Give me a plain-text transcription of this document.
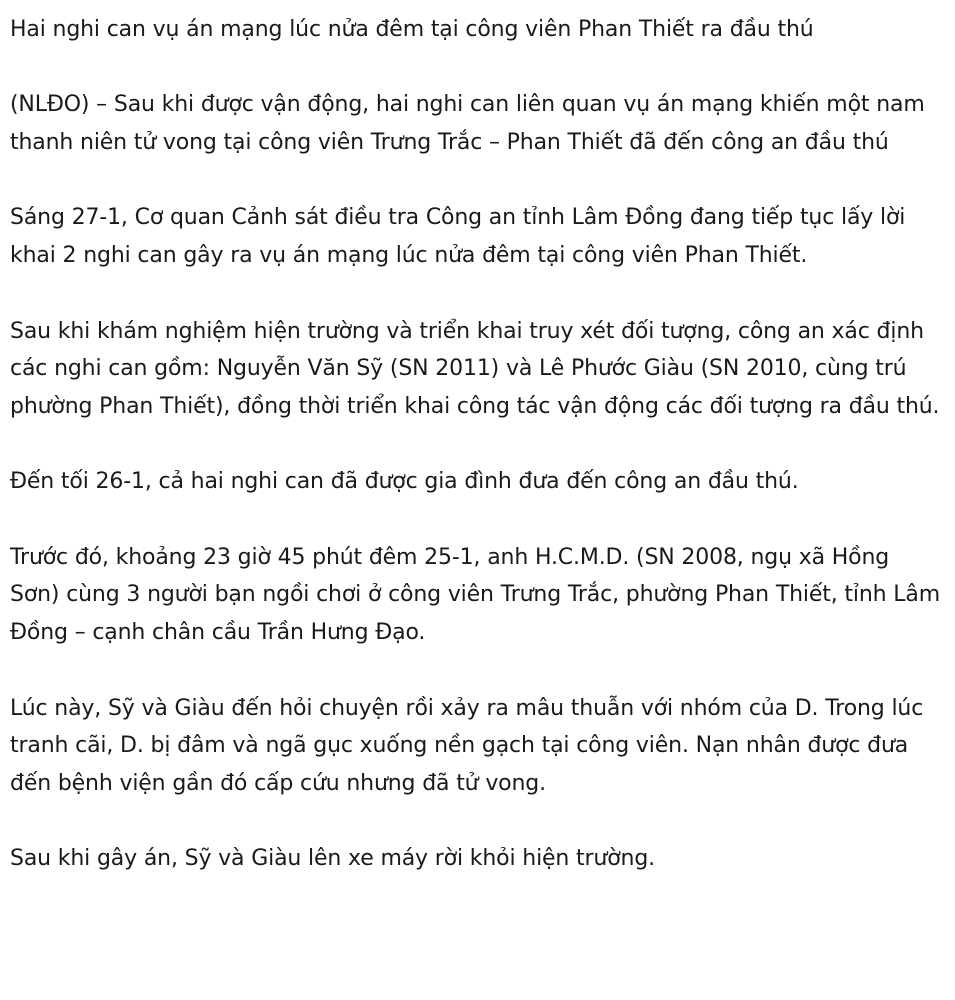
Hai nghi can vụ án mạng lúc nửa đêm tại công viên Phan Thiết ra đầu thú

(NLĐO) – Sau khi được vận động, hai nghi can liên quan vụ án mạng khiến một nam thanh niên tử vong tại công viên Trưng Trắc – Phan Thiết đã đến công an đầu thú

Sáng 27-1, Cơ quan Cảnh sát điều tra Công an tỉnh Lâm Đồng đang tiếp tục lấy lời khai 2 nghi can gây ra vụ án mạng lúc nửa đêm tại công viên Phan Thiết.

Sau khi khám nghiệm hiện trường và triển khai truy xét đối tượng, công an xác định các nghi can gồm: Nguyễn Văn Sỹ (SN 2011) và Lê Phước Giàu (SN 2010, cùng trú phường Phan Thiết), đồng thời triển khai công tác vận động các đối tượng ra đầu thú.

Đến tối 26-1, cả hai nghi can đã được gia đình đưa đến công an đầu thú.

Trước đó, khoảng 23 giờ 45 phút đêm 25-1, anh H.C.M.D. (SN 2008, ngụ xã Hồng Sơn) cùng 3 người bạn ngồi chơi ở công viên Trưng Trắc, phường Phan Thiết, tỉnh Lâm Đồng – cạnh chân cầu Trần Hưng Đạo.

Lúc này, Sỹ và Giàu đến hỏi chuyện rồi xảy ra mâu thuẫn với nhóm của D. Trong lúc tranh cãi, D. bị đâm và ngã gục xuống nền gạch tại công viên. Nạn nhân được đưa đến bệnh viện gần đó cấp cứu nhưng đã tử vong.

Sau khi gây án, Sỹ và Giàu lên xe máy rời khỏi hiện trường.
